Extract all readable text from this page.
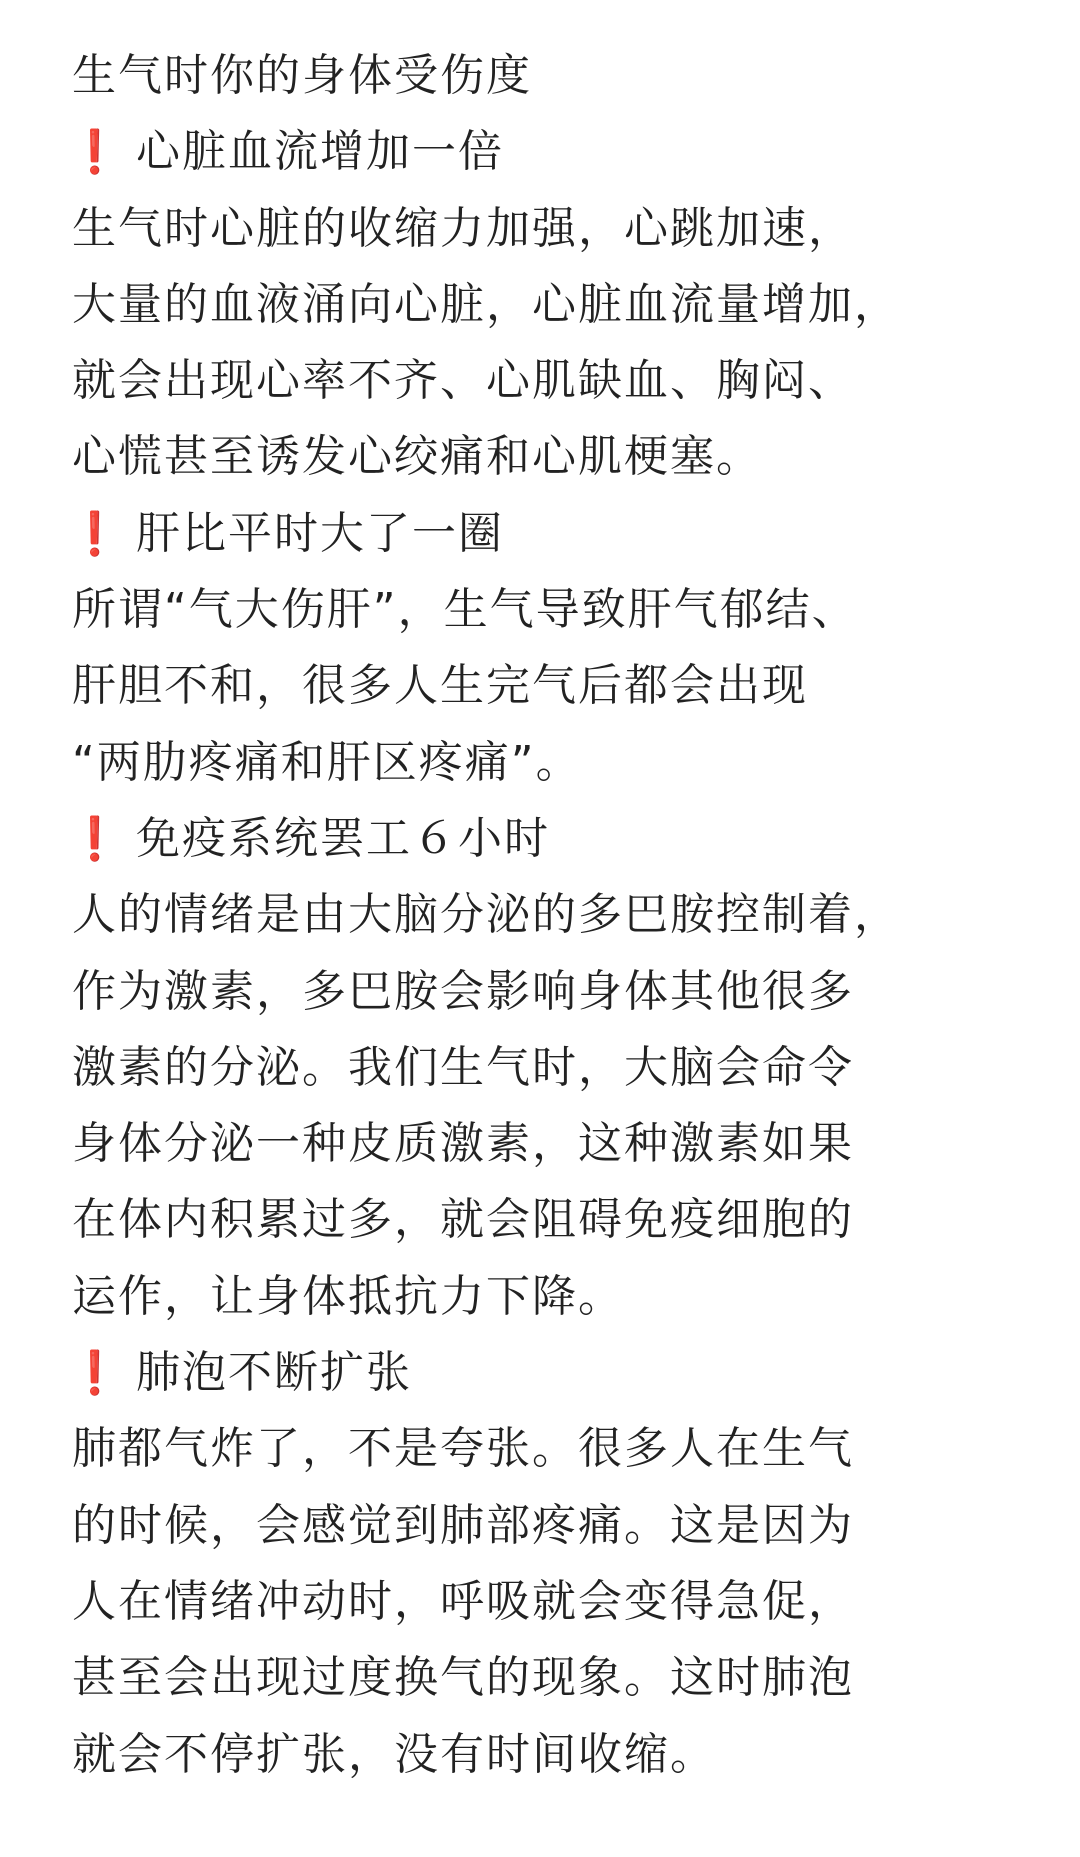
生气时你的身体受伤度
❗ 心脏血流增加一倍
生气时心脏的收缩力加强，心跳加速，
大量的血液涌向心脏，心脏血流量增加，
就会出现心率不齐、心肌缺血、胸闷、
心慌甚至诱发心绞痛和心肌梗塞。
❗ 肝比平时大了一圈
所谓“气大伤肝”，生气导致肝气郁结、
肝胆不和，很多人生完气后都会出现
“两肋疼痛和肝区疼痛”。
❗ 免疫系统罢工６小时
人的情绪是由大脑分泌的多巴胺控制着，
作为激素，多巴胺会影响身体其他很多
激素的分泌。我们生气时，大脑会命令
身体分泌一种皮质激素，这种激素如果
在体内积累过多，就会阻碍免疫细胞的
运作，让身体抵抗力下降。
❗ 肺泡不断扩张
肺都气炸了，不是夸张。很多人在生气
的时候，会感觉到肺部疼痛。这是因为
人在情绪冲动时，呼吸就会变得急促，
甚至会出现过度换气的现象。这时肺泡
就会不停扩张，没有时间收缩。
